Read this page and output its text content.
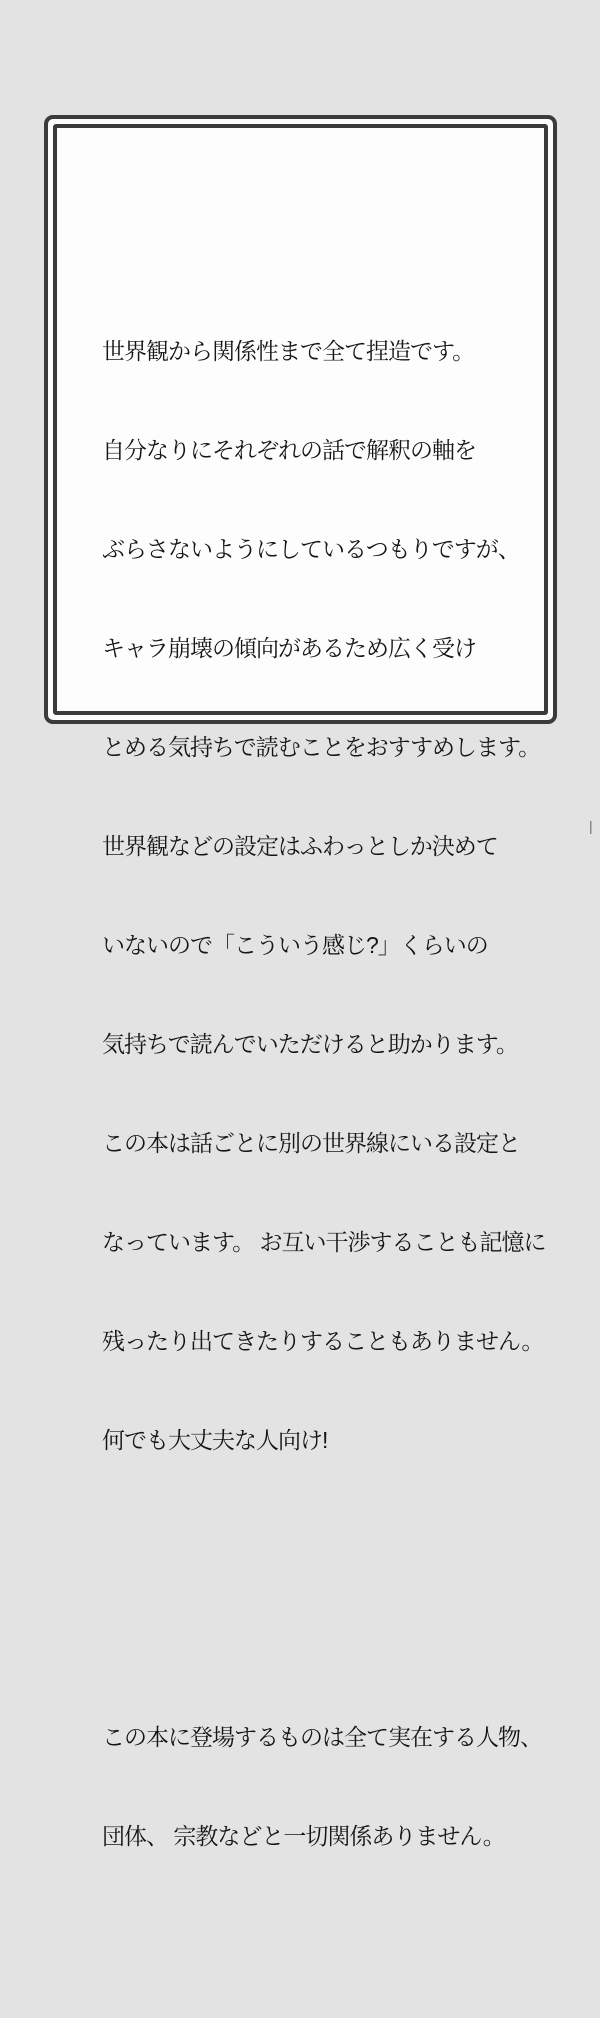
世界観から関係性まで全て捏造です。

自分なりにそれぞれの話で解釈の軸を

ぶらさないようにしているつもりですが、

キャラ崩壊の傾向があるため広く受け

とめる気持ちで読むことをおすすめします。

世界観などの設定はふわっとしか決めて

いないので「こういう感じ?」くらいの

気持ちで読んでいただけると助かります。

この本は話ごとに別の世界線にいる設定と

なっています。 お互い干渉することも記憶に

残ったり出てきたりすることもありません。

何でも大丈夫な人向け!

この本に登場するものは全て実在する人物、

団体、 宗教などと一切関係ありません。

|
